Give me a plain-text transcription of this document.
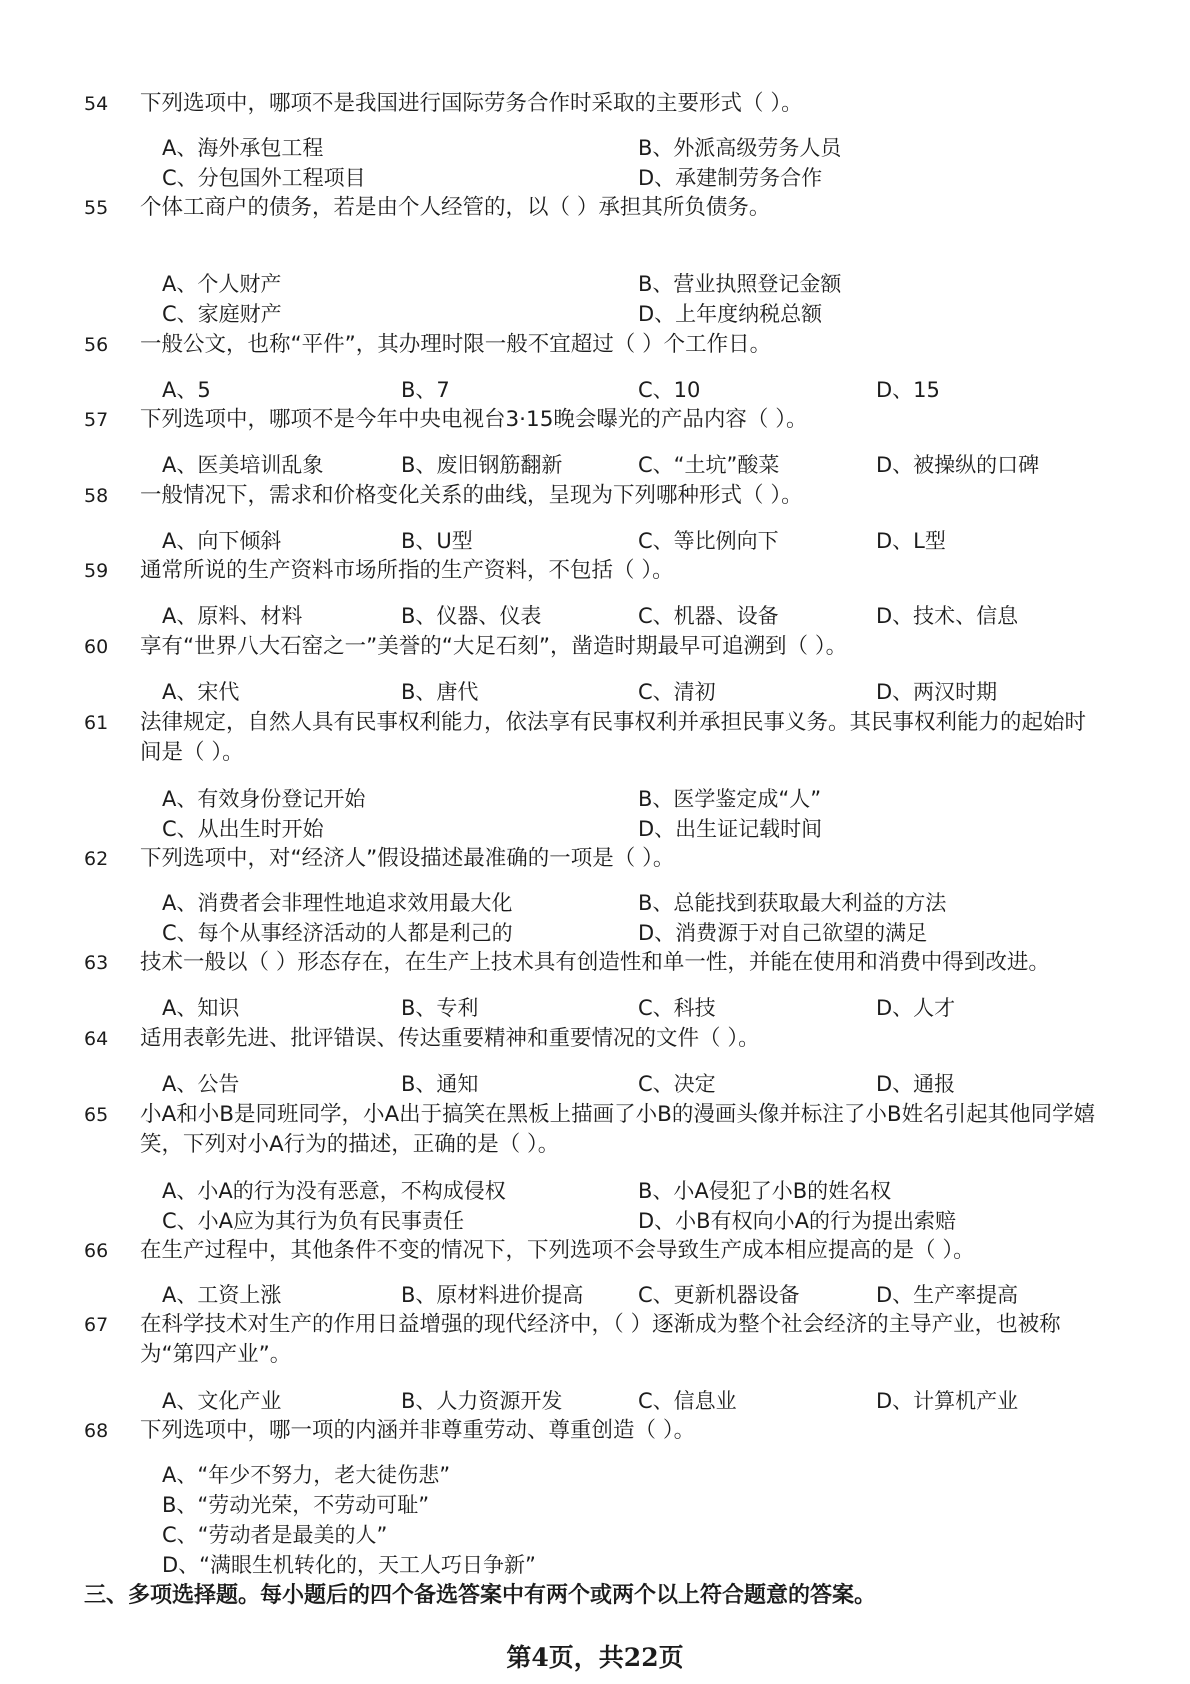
54 下列选项中，哪项不是我国进行国际劳务合作时采取的主要形式（ ）。
A、海外承包工程	B、外派高级劳务人员
C、分包国外工程项目	D、承建制劳务合作
55 个体工商户的债务，若是由个人经管的，以（ ）承担其所负债务。
A、个人财产	B、营业执照登记金额
C、家庭财产	D、上年度纳税总额
56 一般公文，也称“平件”，其办理时限一般不宜超过（ ）个工作日。
A、5	B、7	C、10	D、15
57 下列选项中，哪项不是今年中央电视台3·15晚会曝光的产品内容（ ）。
A、医美培训乱象	B、废旧钢筋翻新	C、“土坑”酸菜	D、被操纵的口碑
58 一般情况下，需求和价格变化关系的曲线，呈现为下列哪种形式（ ）。
A、向下倾斜	B、U型	C、等比例向下	D、L型
59 通常所说的生产资料市场所指的生产资料，不包括（ ）。
A、原料、材料	B、仪器、仪表	C、机器、设备	D、技术、信息
60 享有“世界八大石窑之一”美誉的“大足石刻”，凿造时期最早可追溯到（ ）。
A、宋代	B、唐代	C、清初	D、两汉时期
61 法律规定，自然人具有民事权利能力，依法享有民事权利并承担民事义务。其民事权利能力的起始时
间是（ ）。
A、有效身份登记开始	B、医学鉴定成“人”
C、从出生时开始	D、出生证记载时间
62 下列选项中，对“经济人”假设描述最准确的一项是（ ）。
A、消费者会非理性地追求效用最大化	B、总能找到获取最大利益的方法
C、每个从事经济活动的人都是利己的	D、消费源于对自己欲望的满足
63 技术一般以（ ）形态存在，在生产上技术具有创造性和单一性，并能在使用和消费中得到改进。
A、知识	B、专利	C、科技	D、人才
64 适用表彰先进、批评错误、传达重要精神和重要情况的文件（ ）。
A、公告	B、通知	C、决定	D、通报
65 小A和小B是同班同学，小A出于搞笑在黑板上描画了小B的漫画头像并标注了小B姓名引起其他同学嬉
笑，下列对小A行为的描述，正确的是（ ）。
A、小A的行为没有恶意，不构成侵权	B、小A侵犯了小B的姓名权
C、小A应为其行为负有民事责任	D、小B有权向小A的行为提出索赔
66 在生产过程中，其他条件不变的情况下，下列选项不会导致生产成本相应提高的是（ ）。
A、工资上涨	B、原材料进价提高	C、更新机器设备	D、生产率提高
67 在科学技术对生产的作用日益增强的现代经济中，（ ）逐渐成为整个社会经济的主导产业，也被称
为“第四产业”。
A、文化产业	B、人力资源开发	C、信息业	D、计算机产业
68 下列选项中，哪一项的内涵并非尊重劳动、尊重创造（ ）。
A、“年少不努力，老大徒伤悲”
B、“劳动光荣，不劳动可耻”
C、“劳动者是最美的人”
D、“满眼生机转化的，天工人巧日争新”
三、多项选择题。每小题后的四个备选答案中有两个或两个以上符合题意的答案。
第4页，共22页
